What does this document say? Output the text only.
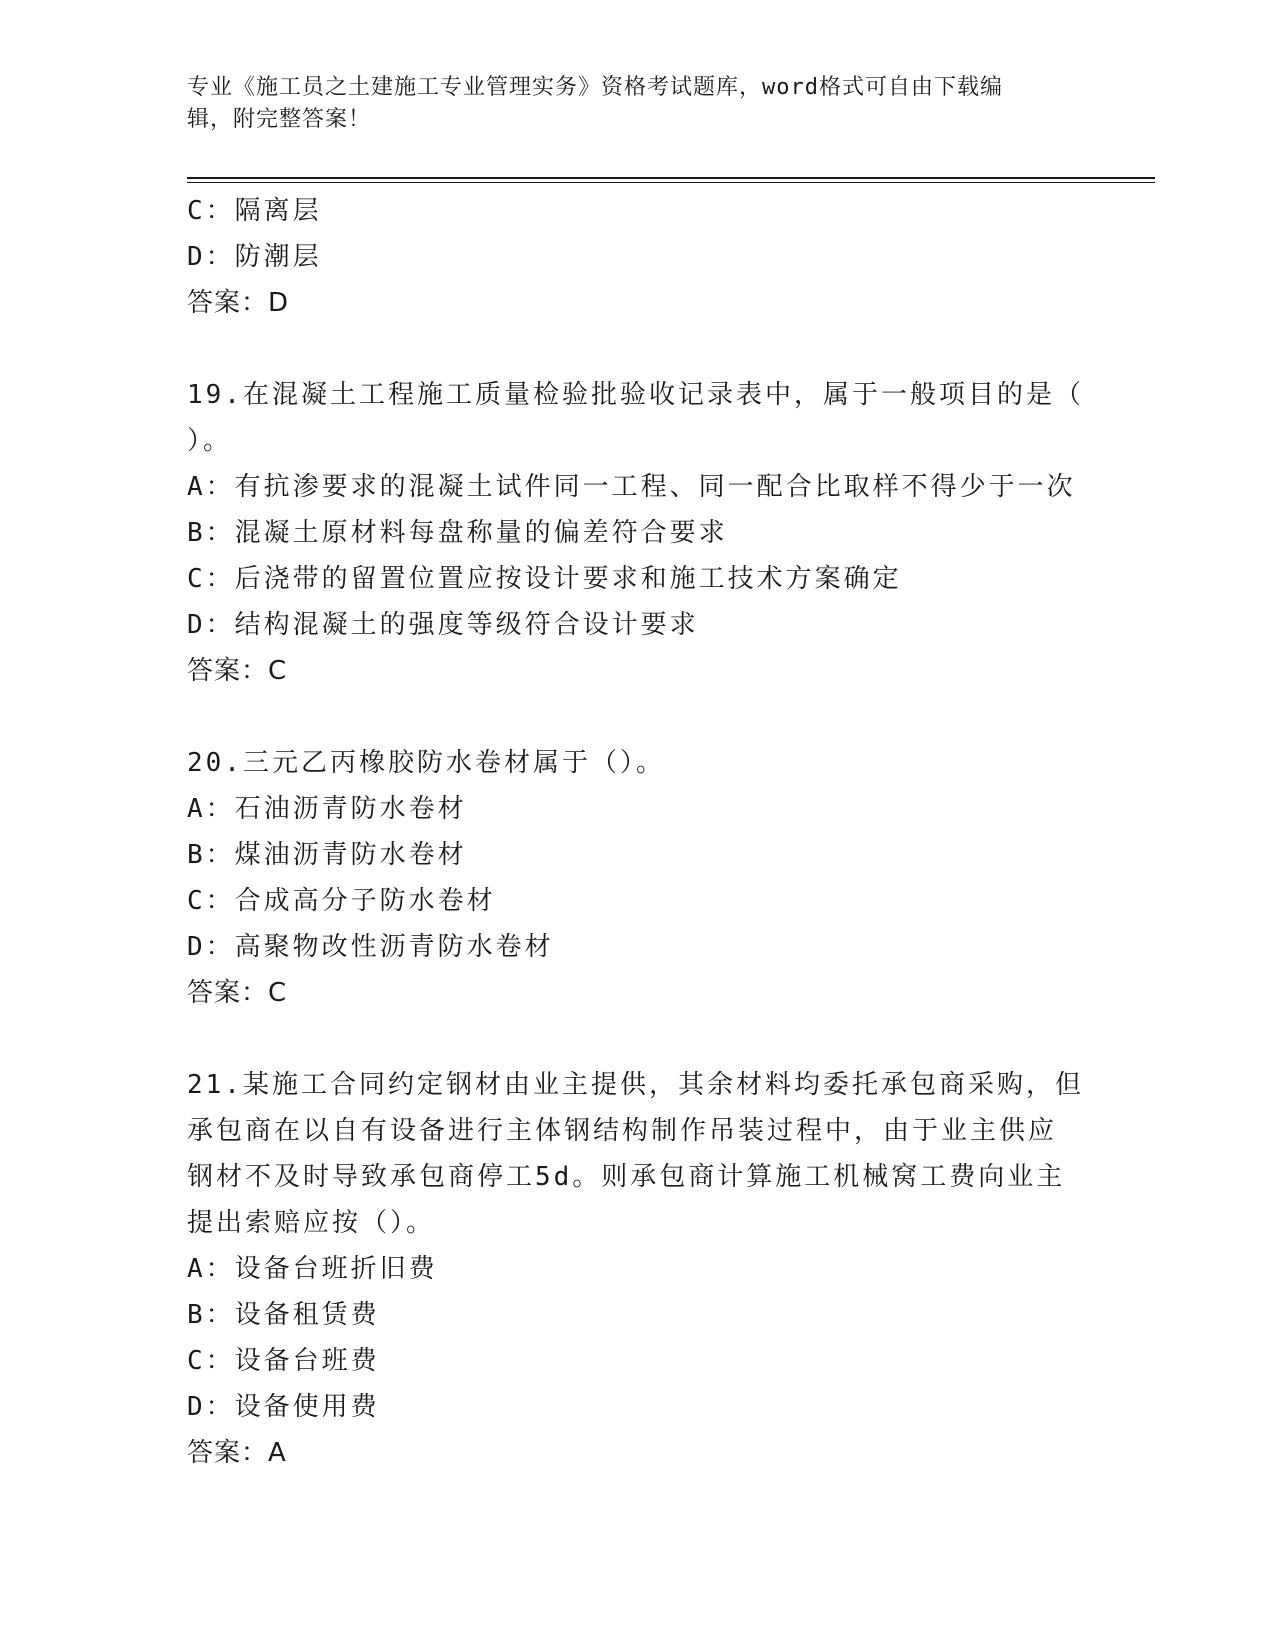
专业《施工员之土建施工专业管理实务》资格考试题库，word格式可自由下载编
辑，附完整答案！
C：隔离层
D：防潮层
答案：D
19.在混凝土工程施工质量检验批验收记录表中，属于一般项目的是（
）。
A：有抗渗要求的混凝土试件同一工程、同一配合比取样不得少于一次
B：混凝土原材料每盘称量的偏差符合要求
C：后浇带的留置位置应按设计要求和施工技术方案确定
D：结构混凝土的强度等级符合设计要求
答案：C
20.三元乙丙橡胶防水卷材属于（）。
A：石油沥青防水卷材
B：煤油沥青防水卷材
C：合成高分子防水卷材
D：高聚物改性沥青防水卷材
答案：C
21.某施工合同约定钢材由业主提供，其余材料均委托承包商采购，但
承包商在以自有设备进行主体钢结构制作吊装过程中，由于业主供应
钢材不及时导致承包商停工5d。则承包商计算施工机械窝工费向业主
提出索赔应按（）。
A：设备台班折旧费
B：设备租赁费
C：设备台班费
D：设备使用费
答案：A
